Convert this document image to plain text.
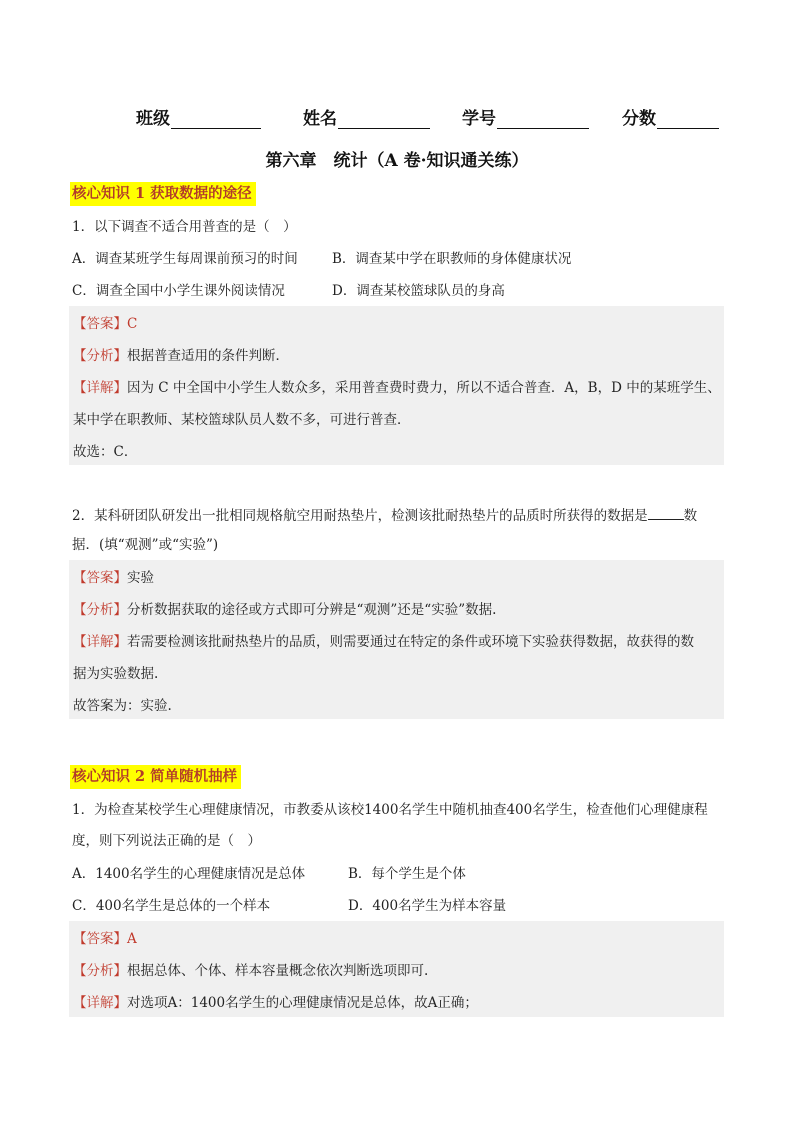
班级	姓名	学号	分数
第六章　统计（A 卷·知识通关练）
核心知识 1 获取数据的途径
1．以下调查不适合用普查的是（　）
A．调查某班学生每周课前预习的时间	B．调查某中学在职教师的身体健康状况
C．调查全国中小学生课外阅读情况	D．调查某校篮球队员的身高
【答案】C
【分析】根据普查适用的条件判断．
【详解】因为 C 中全国中小学生人数众多，采用普查费时费力，所以不适合普查．A，B，D 中的某班学生、
某中学在职教师、某校篮球队员人数不多，可进行普查．
故选：C．
2．某科研团队研发出一批相同规格航空用耐热垫片，检测该批耐热垫片的品质时所获得的数据是	数
据．(填“观测”或“实验”)
【答案】实验
【分析】分析数据获取的途径或方式即可分辨是“观测”还是“实验”数据.
【详解】若需要检测该批耐热垫片的品质，则需要通过在特定的条件或环境下实验获得数据，故获得的数
据为实验数据.
故答案为：实验.
核心知识 2 简单随机抽样
1．为检查某校学生心理健康情况，市教委从该校1400名学生中随机抽查400名学生，检查他们心理健康程
度，则下列说法正确的是（　）
A．1400名学生的心理健康情况是总体	B．每个学生是个体
C．400名学生是总体的一个样本	D．400名学生为样本容量
【答案】A
【分析】根据总体、个体、样本容量概念依次判断选项即可.
【详解】对选项A：1400名学生的心理健康情况是总体，故A正确；
